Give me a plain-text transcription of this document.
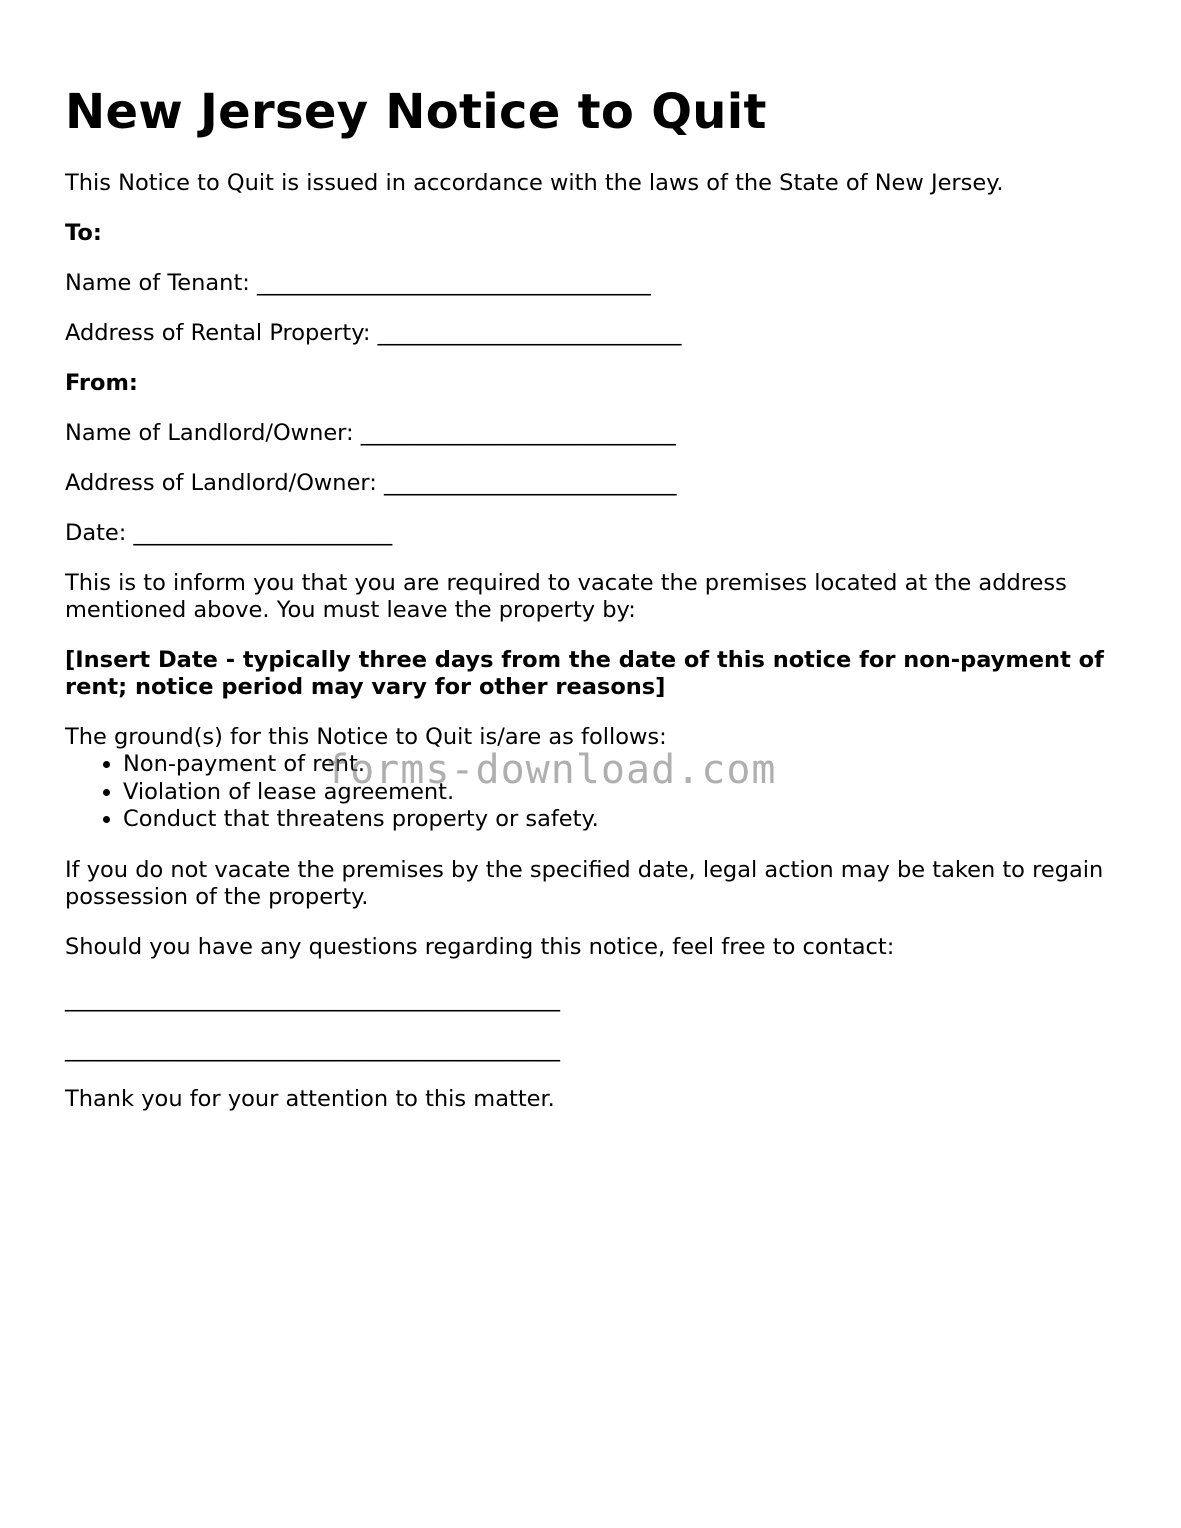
New Jersey Notice to Quit

This Notice to Quit is issued in accordance with the laws of the State of New Jersey.

To:

Name of Tenant: ___________________________________

Address of Rental Property: ___________________________

From:

Name of Landlord/Owner: ____________________________

Address of Landlord/Owner: __________________________

Date: _______________________

This is to inform you that you are required to vacate the premises located at the address mentioned above. You must leave the property by:

[Insert Date - typically three days from the date of this notice for non-payment of rent; notice period may vary for other reasons]

The ground(s) for this Notice to Quit is/are as follows:

• Non-payment of rent.
• Violation of lease agreement.
• Conduct that threatens property or safety.

If you do not vacate the premises by the specified date, legal action may be taken to regain possession of the property.

Should you have any questions regarding this notice, feel free to contact:

____________________________________________
____________________________________________

Thank you for your attention to this matter.

forms-download.com
